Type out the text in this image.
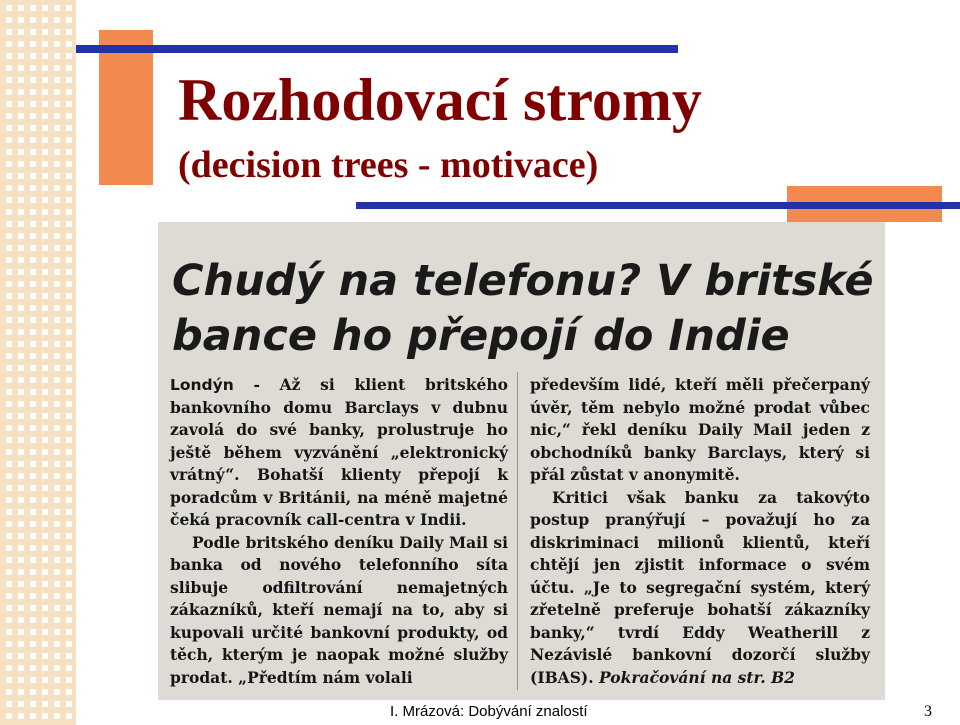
Rozhodovací stromy
(decision trees - motivace)
Chudý na telefonu? V britské
bance ho přepojí do Indie

Londýn - Až si klient britského bankovního domu Barclays v dubnu zavolá do své banky, prolustruje ho ještě během vyzvánění „elektronický vrátný“. Bohatší klienty přepojí k poradcům v Británii, na méně majetné čeká pracovník call-centra v Indii.

Podle britského deníku Daily Mail si banka od nového telefonního síta slibuje odfiltrování nemajetných zákazníků, kteří nemají na to, aby si kupovali určité bankovní produkty, od těch, kterým je naopak možné služby prodat. „Předtím nám volali

především lidé, kteří měli přečerpaný úvěr, těm nebylo možné prodat vůbec nic,“ řekl deníku Daily Mail jeden z obchodníků banky Barclays, který si přál zůstat v anonymitě.

Kritici však banku za takovýto postup pranýřují – považují ho za diskriminaci milionů klientů, kteří chtějí jen zjistit informace o svém účtu. „Je to segregační systém, který zřetelně preferuje bohatší zákazníky banky,“ tvrdí Eddy Weatherill z Nezávislé bankovní dozorčí služby (IBAS). Pokračování na str. B2

I. Mrázová: Dobývání znalostí	3
